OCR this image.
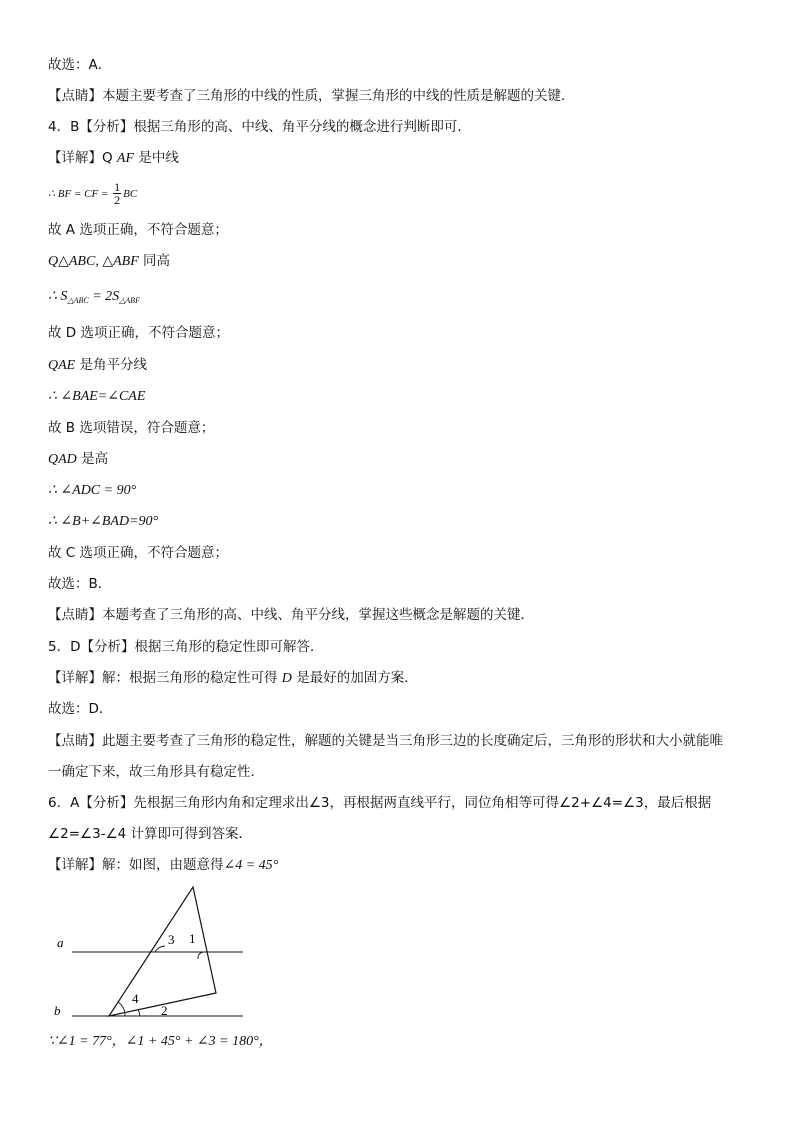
故选：A．
【点睛】本题主要考查了三角形的中线的性质，掌握三角形的中线的性质是解题的关键．
4．B【分析】根据三角形的高、中线、角平分线的概念进行判断即可．
【详解】Q AF 是中线
∴ BF = CF = $\frac{1}{2}$ BC
故 A 选项正确，不符合题意；
Q△ABC, △ABF 同高
∴ $S_{\triangle ABC} = 2S_{\triangle ABF}$
故 D 选项正确，不符合题意；
QAE 是角平分线
∴ ∠BAE=∠CAE
故 B 选项错误，符合题意；
QAD 是高
∴ ∠ADC = 90°
∴ ∠B+∠BAD=90°
故 C 选项正确，不符合题意；
故选：B．
【点睛】本题考查了三角形的高、中线、角平分线，掌握这些概念是解题的关键．
5．D【分析】根据三角形的稳定性即可解答．
【详解】解：根据三角形的稳定性可得 D 是最好的加固方案．
故选：D．
【点睛】此题主要考查了三角形的稳定性，解题的关键是当三角形三边的长度确定后，三角形的形状和大小就能唯
一确定下来，故三角形具有稳定性．
6．A【分析】先根据三角形内角和定理求出∠3，再根据两直线平行，同位角相等可得∠2+∠4=∠3，最后根据
∠2=∠3-∠4 计算即可得到答案．
【详解】解：如图，由题意得∠4 = 45°
a
b
3 1
4
2
∵∠1 = 77°，∠1 + 45° + ∠3 = 180°，
